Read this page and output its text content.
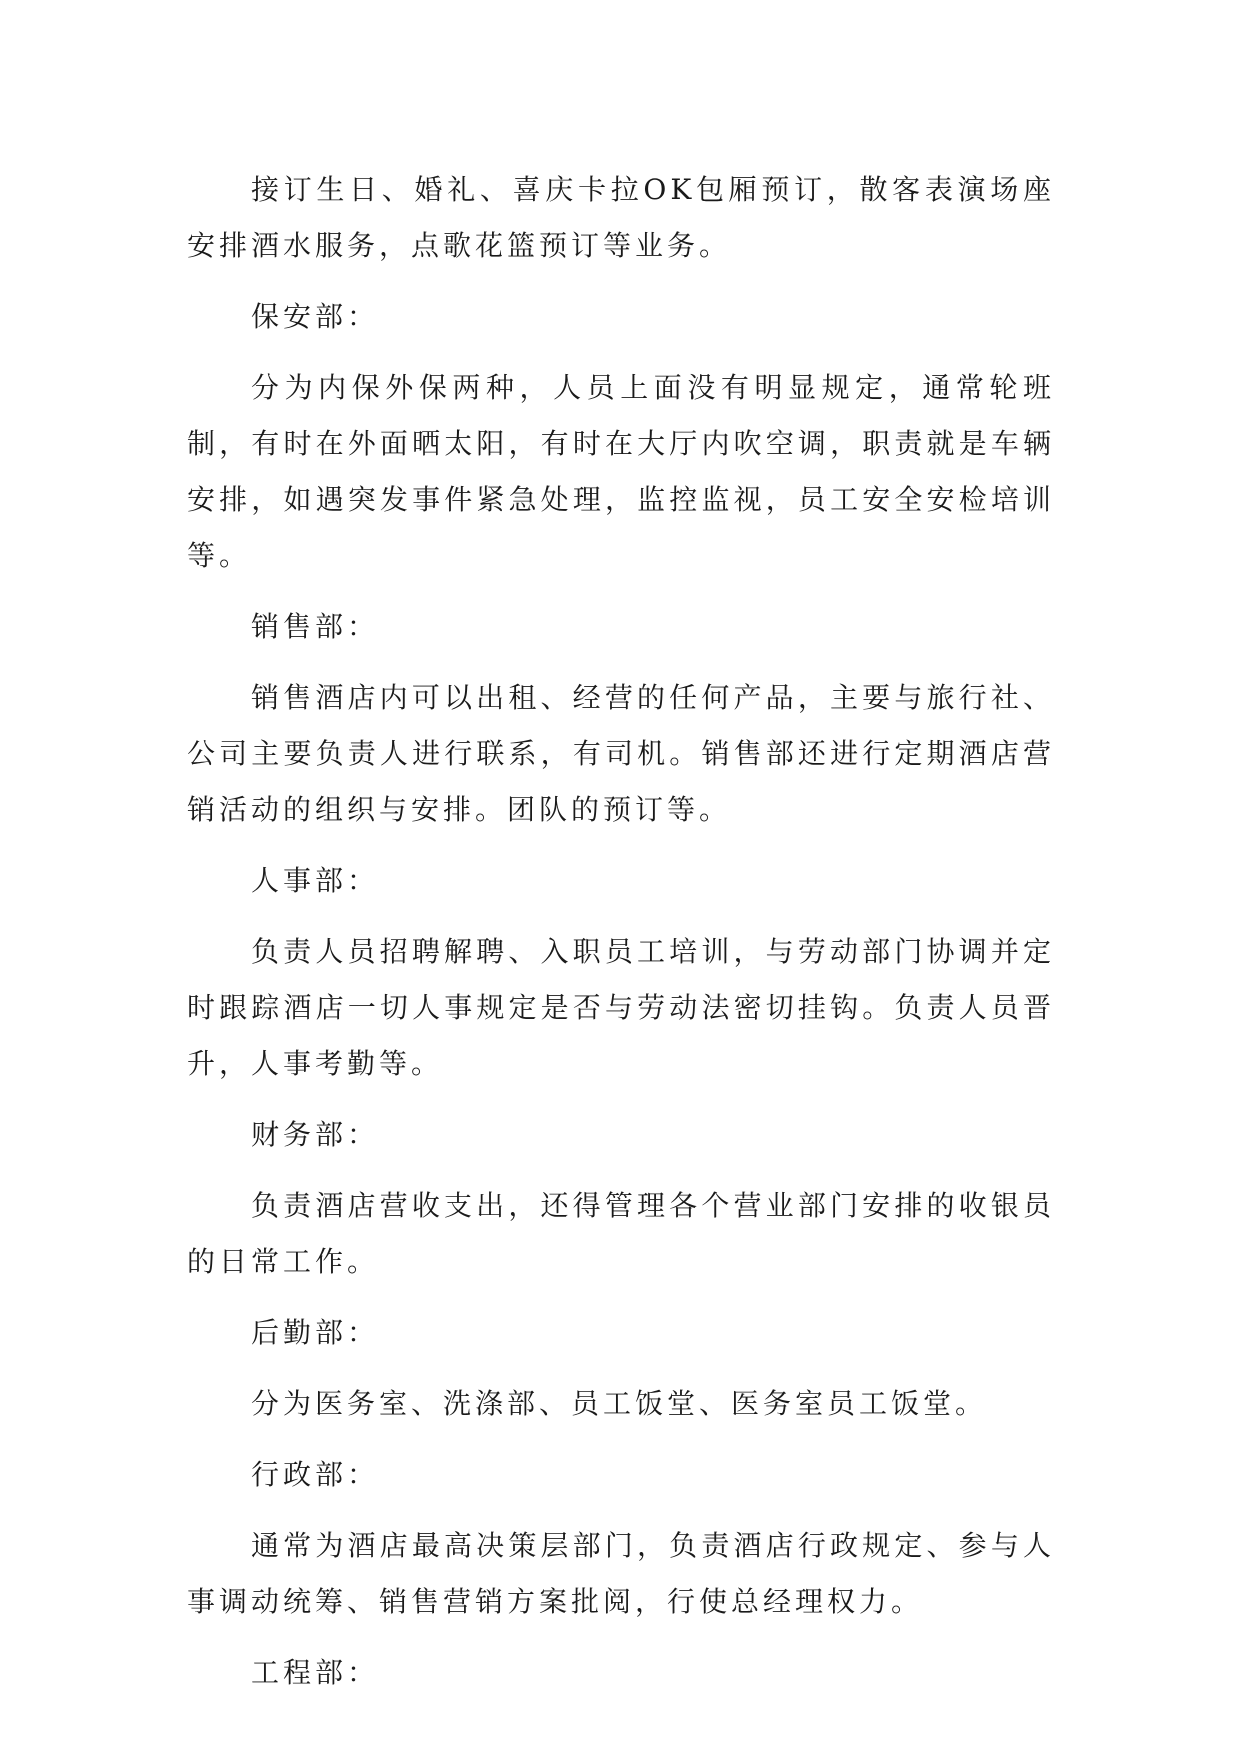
接订生日、婚礼、喜庆卡拉OK包厢预订，散客表演场座安排酒水服务，点歌花篮预订等业务。

保安部：

分为内保外保两种，人员上面没有明显规定，通常轮班制，有时在外面晒太阳，有时在大厅内吹空调，职责就是车辆安排，如遇突发事件紧急处理，监控监视，员工安全安检培训等。

销售部：

销售酒店内可以出租、经营的任何产品，主要与旅行社、公司主要负责人进行联系，有司机。销售部还进行定期酒店营销活动的组织与安排。团队的预订等。

人事部：

负责人员招聘解聘、入职员工培训，与劳动部门协调并定时跟踪酒店一切人事规定是否与劳动法密切挂钩。负责人员晋升，人事考勤等。

财务部：

负责酒店营收支出，还得管理各个营业部门安排的收银员的日常工作。

后勤部：

分为医务室、洗涤部、员工饭堂、医务室员工饭堂。

行政部：

通常为酒店最高决策层部门，负责酒店行政规定、参与人事调动统筹、销售营销方案批阅，行使总经理权力。

工程部：
